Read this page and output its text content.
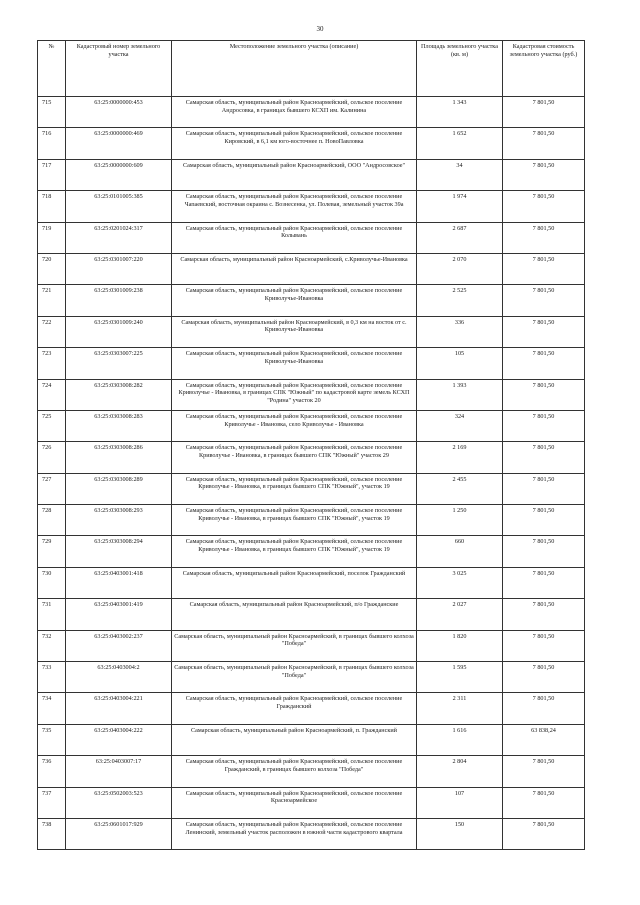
30
№	Кадастровый номер земельного участка	Местоположение земельного участка (описание)	Площадь земельного участка (кв. м)	Кадастровая стоимость земельного участка (руб.)
715	63:25:0000000:453	Самарская область, муниципальный район Красноармейский, сельское поселение Андросовка, в границах бывшего КСХП им. Калинина	1 343	7 801,50
716	63:25:0000000:469	Самарская область, муниципальный район Красноармейский, сельское поселение Кировский, в 6,1 км юго-восточнее п. НовоПавловка	1 652	7 801,50
717	63:25:0000000:609	Самарская область, муниципальный район Красноармейский, ООО "Андросовское"	34	7 801,50
718	63:25:0101005:385	Самарская область, муниципальный район Красноармейский, сельское поселение Чапаевский, восточная окраина с. Вознесенка, ул. Полевая, земельный участок 39а	1 974	7 801,50
719	63:25:0201024:317	Самарская область, муниципальный район Красноармейский, сельское поселение Колывань	2 687	7 801,50
720	63:25:0301007:220	Самарская область, муниципальный район Красноармейский, с.Криволучье-Ивановка	2 070	7 801,50
721	63:25:0301009:238	Самарская область, муниципальный район Красноармейский, сельское поселение Криволучье-Ивановка	2 525	7 801,50
722	63:25:0301009:240	Самарская область, муниципальный район Красноармейский, в 0,3 км на восток от с. Криволучье-Ивановка	336	7 801,50
723	63:25:0303007:225	Самарская область, муниципальный район Красноармейский, сельское поселение Криволучье-Ивановка	105	7 801,50
724	63:25:0303008:282	Самарская область, муниципальный район Красноармейский, сельское поселение Криволучье - Ивановка, в границах СПК "Южный" по кадастровой карте земель КСХП "Родина" участок 20	1 393	7 801,50
725	63:25:0303008:283	Самарская область, муниципальный район Красноармейский, сельское поселение Криволучье - Ивановка, село Криволучье - Ивановка	324	7 801,50
726	63:25:0303008:286	Самарская область, муниципальный район Красноармейский, сельское поселение Криволучье - Ивановка, в границах бывшего СПК "Южный" участок 29	2 169	7 801,50
727	63:25:0303008:289	Самарская область, муниципальный район Красноармейский, сельское поселение Криволучье - Ивановка, в границах бывшего СПК "Южный", участок 19	2 455	7 801,50
728	63:25:0303008:293	Самарская область, муниципальный район Красноармейский, сельское поселение Криволучье - Ивановка, в границах бывшего СПК "Южный", участок 19	1 250	7 801,50
729	63:25:0303008:294	Самарская область, муниципальный район Красноармейский, сельское поселение Криволучье - Ивановка, в границах бывшего СПК "Южный", участок 19	660	7 801,50
730	63:25:0403001:418	Самарская область, муниципальный район Красноармейский, поселок Гражданский	3 025	7 801,50
731	63:25:0403001:419	Самарская область, муниципальный район Красноармейский, п/о Гражданские	2 027	7 801,50
732	63:25:0403002:237	Самарская область, муниципальный район Красноармейский, в границах бывшего колхоза "Победа"	1 820	7 801,50
733	63:25:0403004:2	Самарская область, муниципальный район Красноармейский, в границах бывшего колхоза "Победа"	1 595	7 801,50
734	63:25:0403004:221	Самарская область, муниципальный район Красноармейский, сельское поселение Гражданский	2 311	7 801,50
735	63:25:0403004:222	Самарская область, муниципальный район Красноармейский, п. Гражданский	1 616	63 838,24
736	63:25:0403007:17	Самарская область, муниципальный район Красноармейский, сельское поселение Гражданский, в границах бывшего колхоза "Победа"	2 804	7 801,50
737	63:25:0502003:523	Самарская область, муниципальный район Красноармейский, сельское поселение Красноармейское	107	7 801,50
738	63:25:0601017:929	Самарская область, муниципальный район Красноармейский, сельское поселение Ленинский, земельный участок расположен в южной части кадастрового квартала	150	7 801,50
